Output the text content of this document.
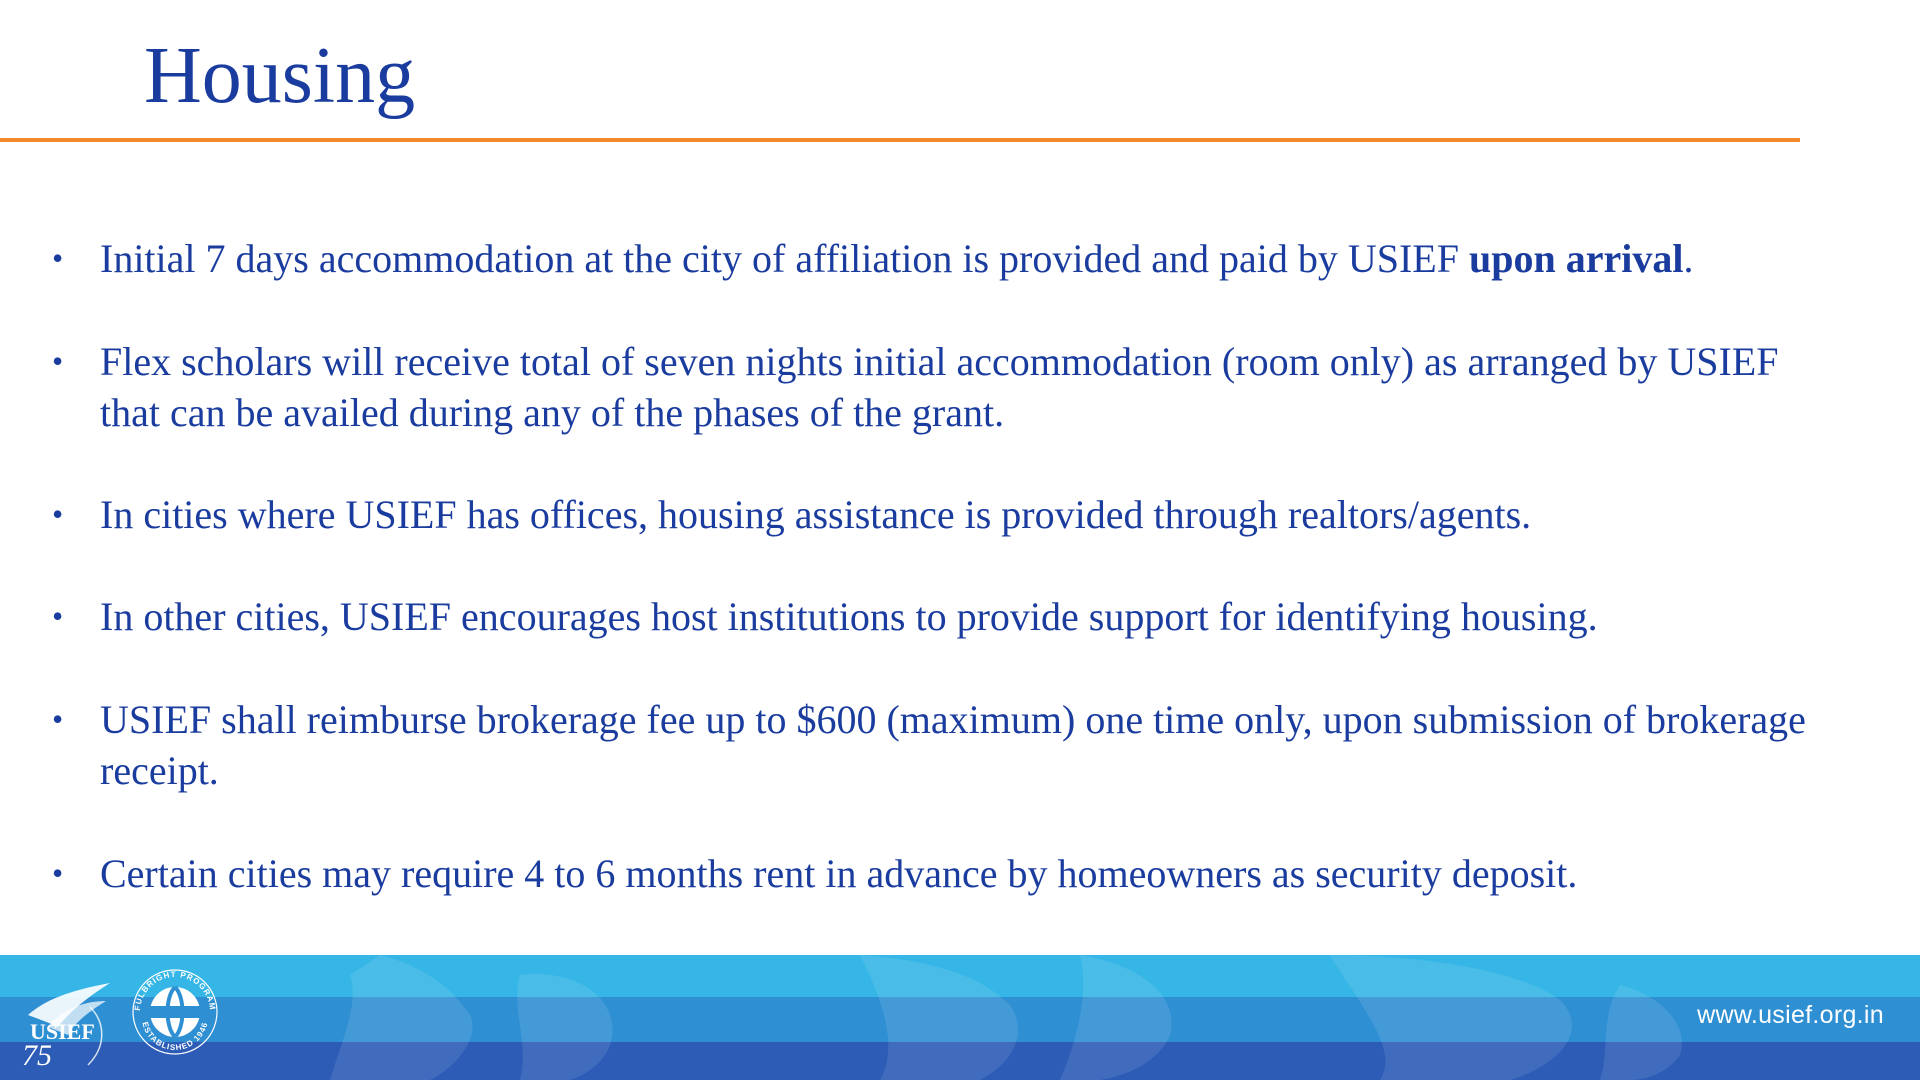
Housing
• Initial 7 days accommodation at the city of affiliation is provided and paid by USIEF upon arrival.
• Flex scholars will receive total of seven nights initial accommodation (room only) as arranged by USIEF that can be availed during any of the phases of the grant.
• In cities where USIEF has offices, housing assistance is provided through realtors/agents.
• In other cities, USIEF encourages host institutions to provide support for identifying housing.
• USIEF shall reimburse brokerage fee up to $600 (maximum) one time only, upon submission of brokerage receipt.
• Certain cities may require 4 to 6 months rent in advance by homeowners as security deposit.
USIEF
75
FULBRIGHT PROGRAM
ESTABLISHED 1946	www.usief.org.in
